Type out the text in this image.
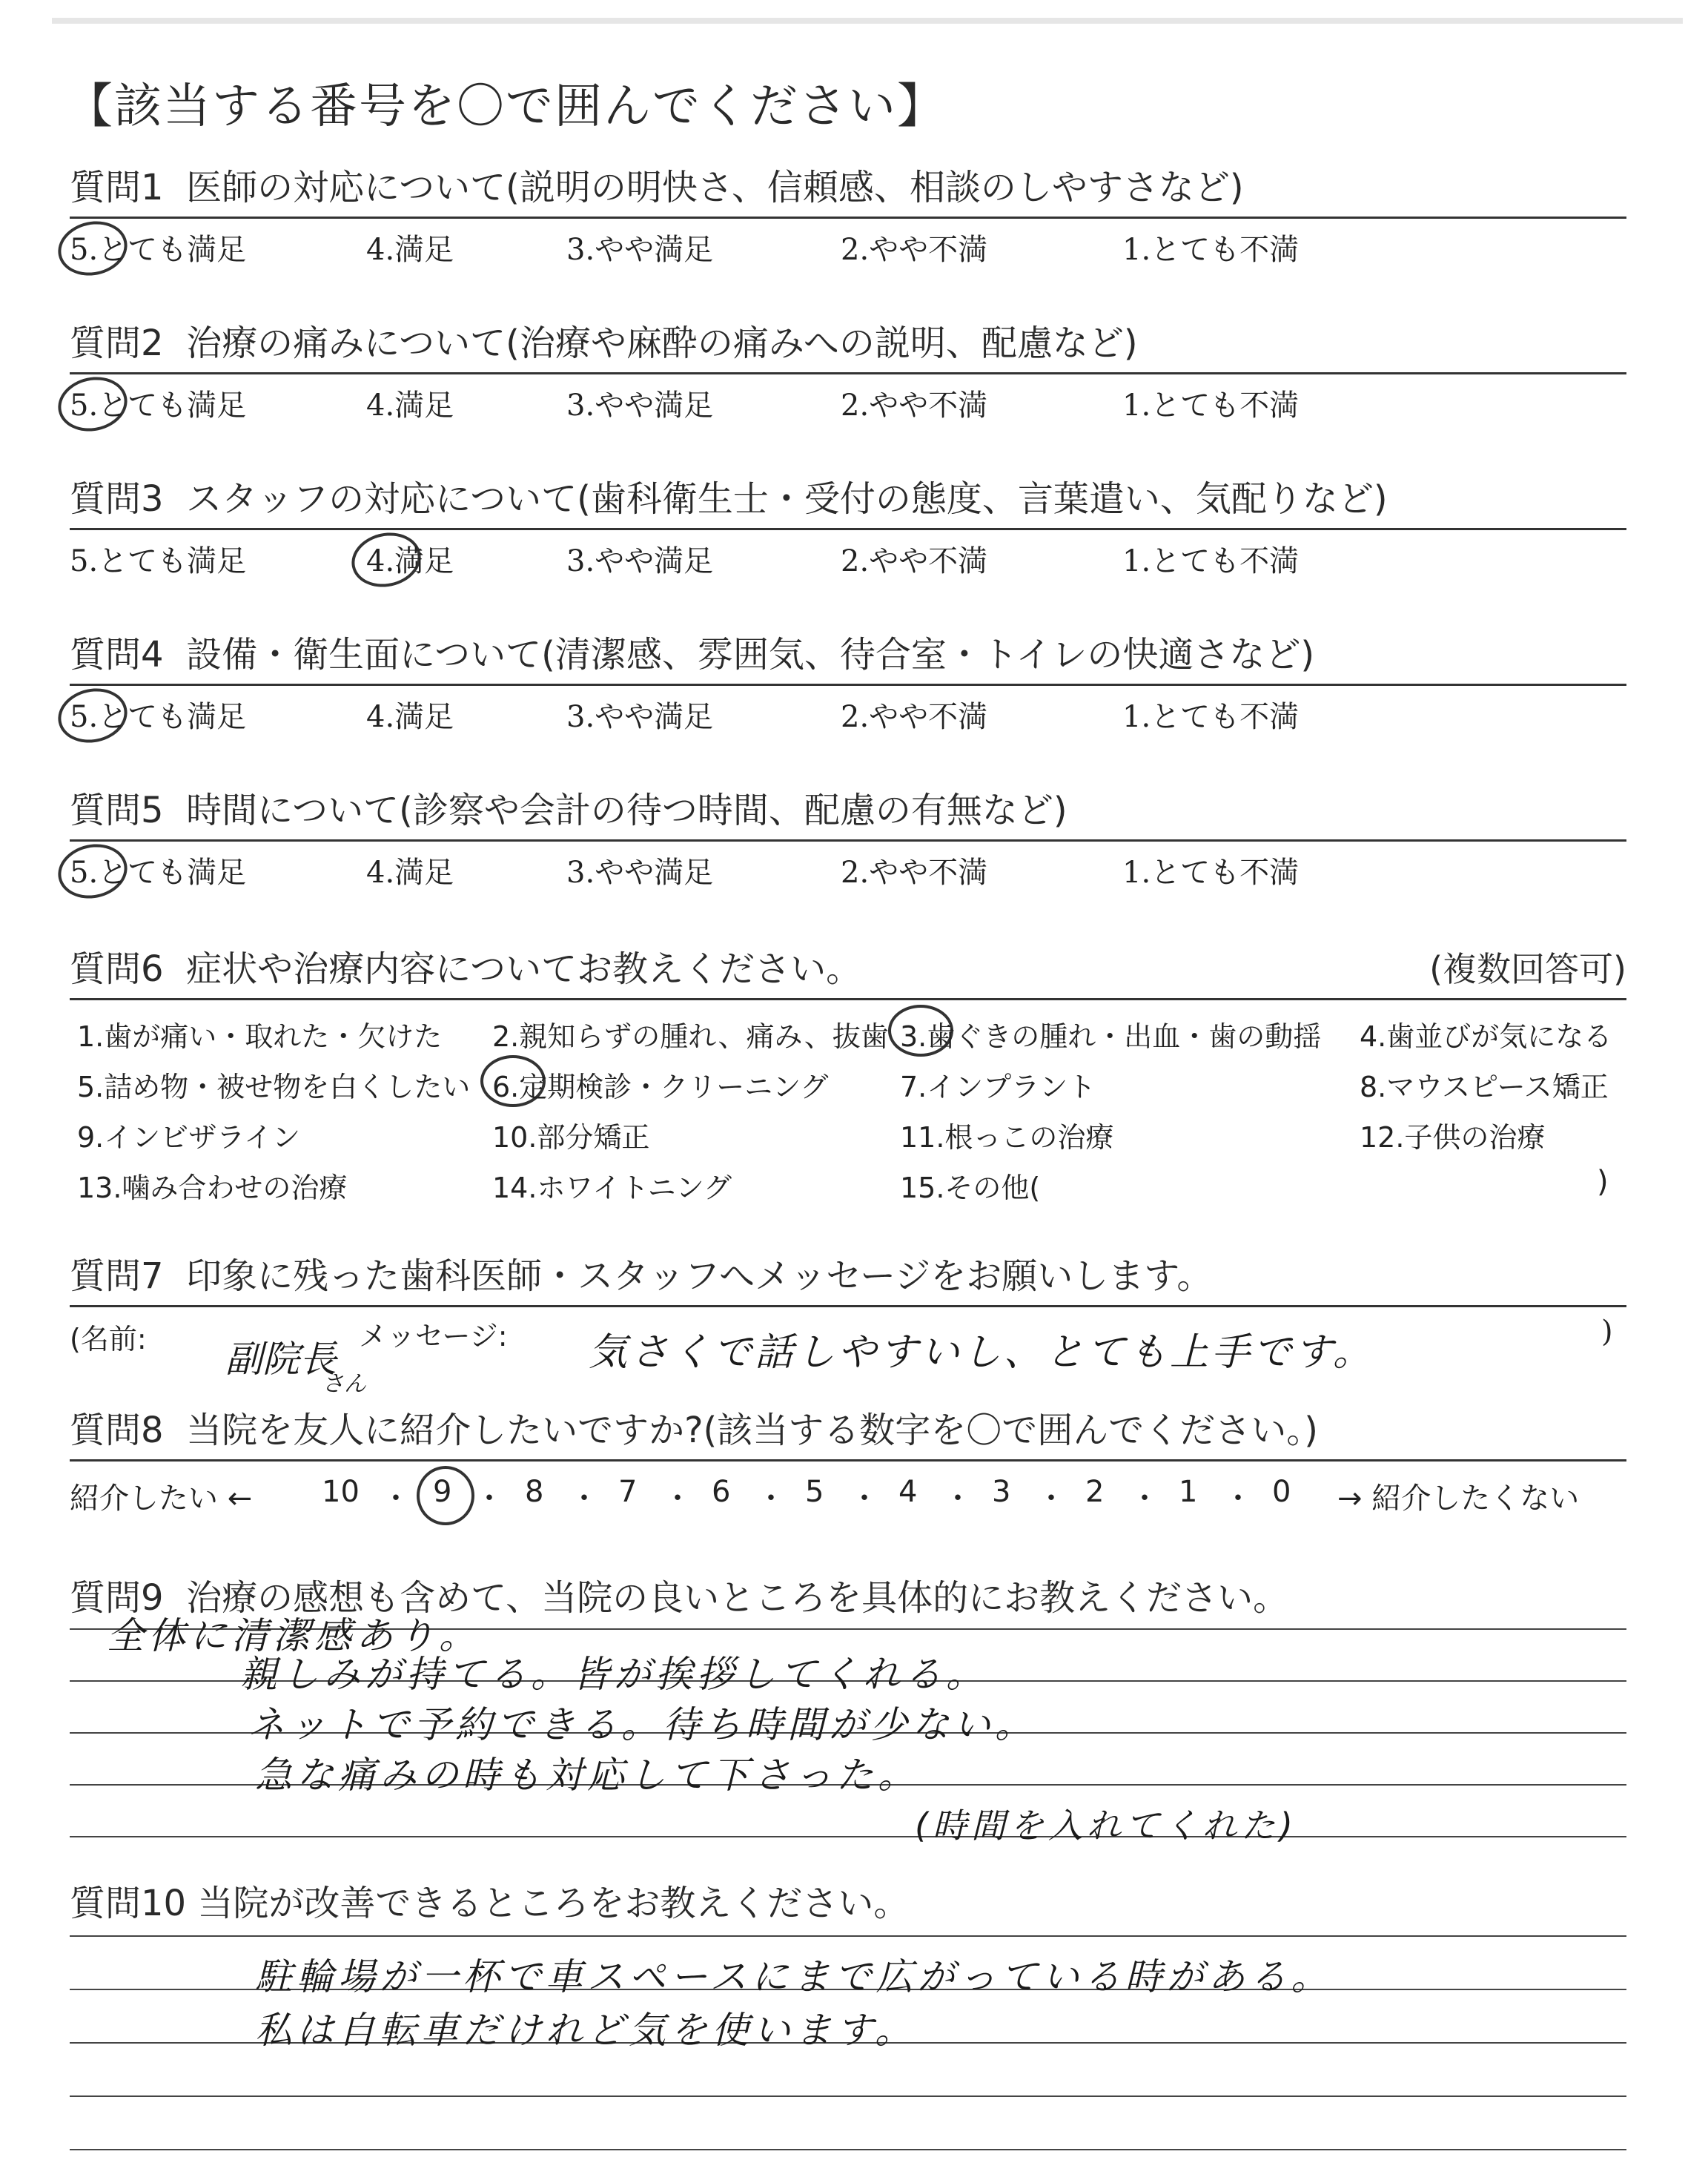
【該当する番号を〇で囲んでください】
質問1 医師の対応について(説明の明快さ、信頼感、相談のしやすさなど)
5.とても満足	4.満足	3.やや満足	2.やや不満	1.とても不満
質問2 治療の痛みについて(治療や麻酔の痛みへの説明、配慮など)
5.とても満足	4.満足	3.やや満足	2.やや不満	1.とても不満
質問3 スタッフの対応について(歯科衛生士・受付の態度、言葉遣い、気配りなど)
5.とても満足	4.満足	3.やや満足	2.やや不満	1.とても不満
質問4 設備・衛生面について(清潔感、雰囲気、待合室・トイレの快適さなど)
5.とても満足	4.満足	3.やや満足	2.やや不満	1.とても不満
質問5 時間について(診察や会計の待つ時間、配慮の有無など)
5.とても満足	4.満足	3.やや満足	2.やや不満	1.とても不満
質問6 症状や治療内容についてお教えください。	(複数回答可)
1.歯が痛い・取れた・欠けた 2.親知らずの腫れ、痛み、抜歯 3.歯ぐきの腫れ・出血・歯の動揺 4.歯並びが気になる
5.詰め物・被せ物を白くしたい 6.定期検診・クリーニング	7.インプラント	8.マウスピース矯正
9.インビザライン	10.部分矯正	11.根っこの治療	12.子供の治療
13.噛み合わせの治療	14.ホワイトニング	15.その他(	)
質問7 印象に残った歯科医師・スタッフへメッセージをお願いします。
(名前: 副院長
さん
メッセージ: 気さくで話しやすいし、とても上手です。	)
質問8 当院を友人に紹介したいですか?(該当する数字を〇で囲んでください。)
紹介したい ← 10 ・ 9 ・ 8 ・ 7 ・ 6 ・ 5 ・ 4 ・ 3 ・ 2 ・ 1 ・ 0 → 紹介したくない
質問9 治療の感想も含めて、当院の良いところを具体的にお教えください。
全体に清潔感あり。
親しみが持てる。皆が挨拶してくれる。
ネットで予約できる。待ち時間が少ない。
急な痛みの時も対応して下さった。
(時間を入れてくれた)
質問10 当院が改善できるところをお教えください。
駐輪場が一杯で車スペースにまで広がっている時がある。
私は自転車だけれど気を使います。
